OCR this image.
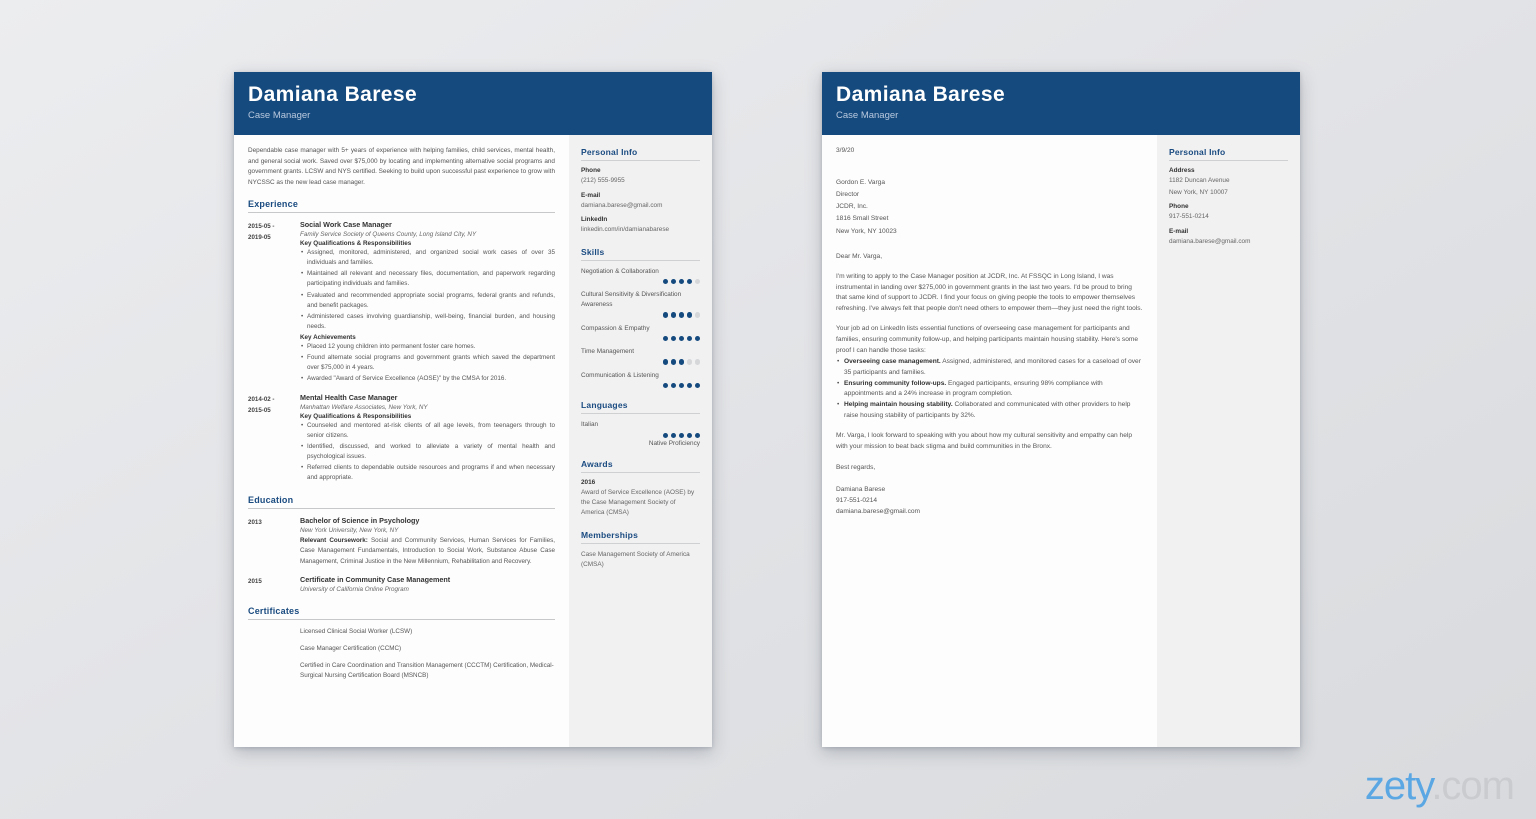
Damiana Barese
Case Manager
Dependable case manager with 5+ years of experience with helping families, child services, mental health, and general social work. Saved over $75,000 by locating and implementing alternative social programs and government grants. LCSW and NYS certified. Seeking to build upon successful past experience to grow with NYCSSC as the new lead case manager.
Experience
2015-05 -
2019-05
Social Work Case Manager
Family Service Society of Queens County, Long Island City, NY
Key Qualifications & Responsibilities
• Assigned, monitored, administered, and organized social work cases of over 35 individuals and families.
• Maintained all relevant and necessary files, documentation, and paperwork regarding participating individuals and families.
• Evaluated and recommended appropriate social programs, federal grants and refunds, and benefit packages.
• Administered cases involving guardianship, well-being, financial burden, and housing needs.
Key Achievements
• Placed 12 young children into permanent foster care homes.
• Found alternate social programs and government grants which saved the department over $75,000 in 4 years.
• Awarded "Award of Service Excellence (AOSE)" by the CMSA for 2016.
2014-02 -
2015-05
Mental Health Case Manager
Manhattan Welfare Associates, New York, NY
Key Qualifications & Responsibilities
• Counseled and mentored at-risk clients of all age levels, from teenagers through to senior citizens.
• Identified, discussed, and worked to alleviate a variety of mental health and psychological issues.
• Referred clients to dependable outside resources and programs if and when necessary and appropriate.
Education
2013	Bachelor of Science in Psychology
New York University, New York, NY
Relevant Coursework: Social and Community Services, Human Services for Families, Case Management Fundamentals, Introduction to Social Work, Substance Abuse Case Management, Criminal Justice in the New Millennium, Rehabilitation and Recovery.
2015	Certificate in Community Case Management
University of California Online Program
Certificates
Licensed Clinical Social Worker (LCSW)
Case Manager Certification (CCMC)
Certified in Care Coordination and Transition Management (CCCTM) Certification, Medical-Surgical Nursing Certification Board (MSNCB)
Personal Info
Phone
(212) 555-9955
E-mail
damiana.barese@gmail.com
LinkedIn
linkedin.com/in/damianabarese
Skills
Negotiation & Collaboration
Cultural Sensitivity & Diversification Awareness
Compassion & Empathy
Time Management
Communication & Listening
Languages
Italian
Native Proficiency
Awards
2016
Award of Service Excellence (AOSE) by the Case Management Society of America (CMSA)
Memberships
Case Management Society of America (CMSA)
Damiana Barese
Case Manager
3/9/20
Gordon E. Varga
Director
JCDR, Inc.
1816 Small Street
New York, NY 10023
Dear Mr. Varga,
I'm writing to apply to the Case Manager position at JCDR, Inc. At FSSQC in Long Island, I was instrumental in landing over $275,000 in government grants in the last two years. I'd be proud to bring that same kind of support to JCDR. I find your focus on giving people the tools to empower themselves refreshing. I've always felt that people don't need others to empower them—they just need the right tools.
Your job ad on LinkedIn lists essential functions of overseeing case management for participants and families, ensuring community follow-up, and helping participants maintain housing stability. Here's some proof I can handle those tasks:
• Overseeing case management. Assigned, administered, and monitored cases for a caseload of over 35 participants and families.
• Ensuring community follow-ups. Engaged participants, ensuring 98% compliance with appointments and a 24% increase in program completion.
• Helping maintain housing stability. Collaborated and communicated with other providers to help raise housing stability of participants by 32%.
Mr. Varga, I look forward to speaking with you about how my cultural sensitivity and empathy can help with your mission to beat back stigma and build communities in the Bronx.
Best regards,
Damiana Barese
917-551-0214
damiana.barese@gmail.com
Personal Info
Address
1182 Duncan Avenue
New York, NY 10007
Phone
917-551-0214
E-mail
damiana.barese@gmail.com
zety.com
